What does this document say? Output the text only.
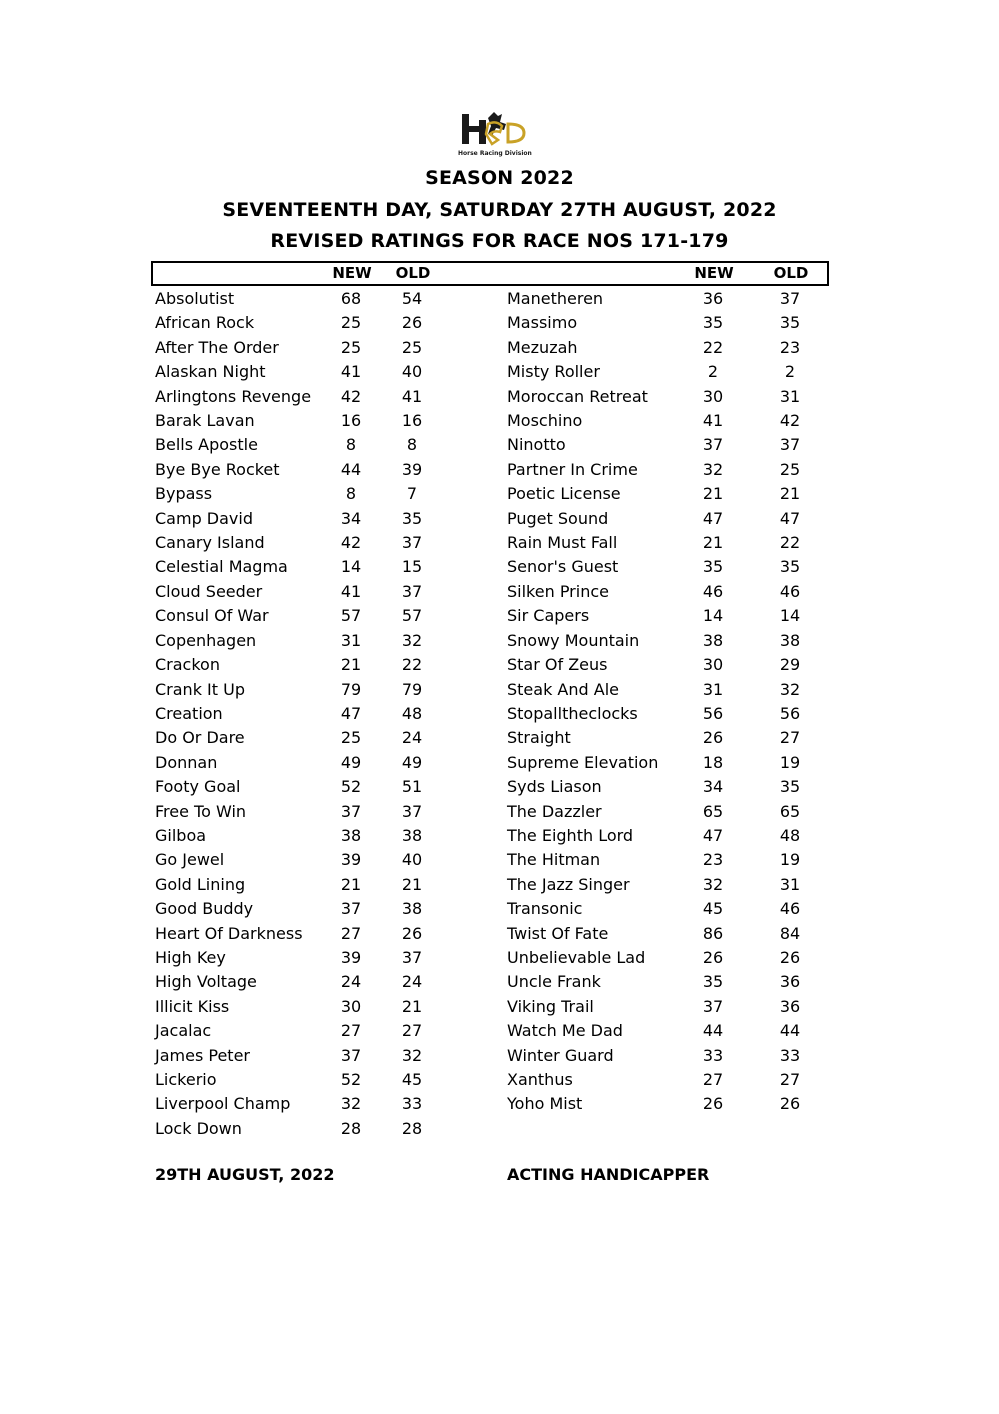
Horse Racing Division
SEASON 2022
SEVENTEENTH DAY, SATURDAY 27TH AUGUST, 2022
REVISED RATINGS FOR RACE NOS 171-179
NEW	OLD	NEW	OLD
Absolutist	68	54
African Rock	25	26
After The Order	25	25
Alaskan Night	41	40
Arlingtons Revenge	42	41
Barak Lavan	16	16
Bells Apostle	8	8
Bye Bye Rocket	44	39
Bypass	8	7
Camp David	34	35
Canary Island	42	37
Celestial Magma	14	15
Cloud Seeder	41	37
Consul Of War	57	57
Copenhagen	31	32
Crackon	21	22
Crank It Up	79	79
Creation	47	48
Do Or Dare	25	24
Donnan	49	49
Footy Goal	52	51
Free To Win	37	37
Gilboa	38	38
Go Jewel	39	40
Gold Lining	21	21
Good Buddy	37	38
Heart Of Darkness	27	26
High Key	39	37
High Voltage	24	24
Illicit Kiss	30	21
Jacalac	27	27
James Peter	37	32
Lickerio	52	45
Liverpool Champ	32	33
Lock Down	28	28
Manetheren	36	37
Massimo	35	35
Mezuzah	22	23
Misty Roller	2	2
Moroccan Retreat	30	31
Moschino	41	42
Ninotto	37	37
Partner In Crime	32	25
Poetic License	21	21
Puget Sound	47	47
Rain Must Fall	21	22
Senor's Guest	35	35
Silken Prince	46	46
Sir Capers	14	14
Snowy Mountain	38	38
Star Of Zeus	30	29
Steak And Ale	31	32
Stopalltheclocks	56	56
Straight	26	27
Supreme Elevation	18	19
Syds Liason	34	35
The Dazzler	65	65
The Eighth Lord	47	48
The Hitman	23	19
The Jazz Singer	32	31
Transonic	45	46
Twist Of Fate	86	84
Unbelievable Lad	26	26
Uncle Frank	35	36
Viking Trail	37	36
Watch Me Dad	44	44
Winter Guard	33	33
Xanthus	27	27
Yoho Mist	26	26
29TH AUGUST, 2022	ACTING HANDICAPPER
